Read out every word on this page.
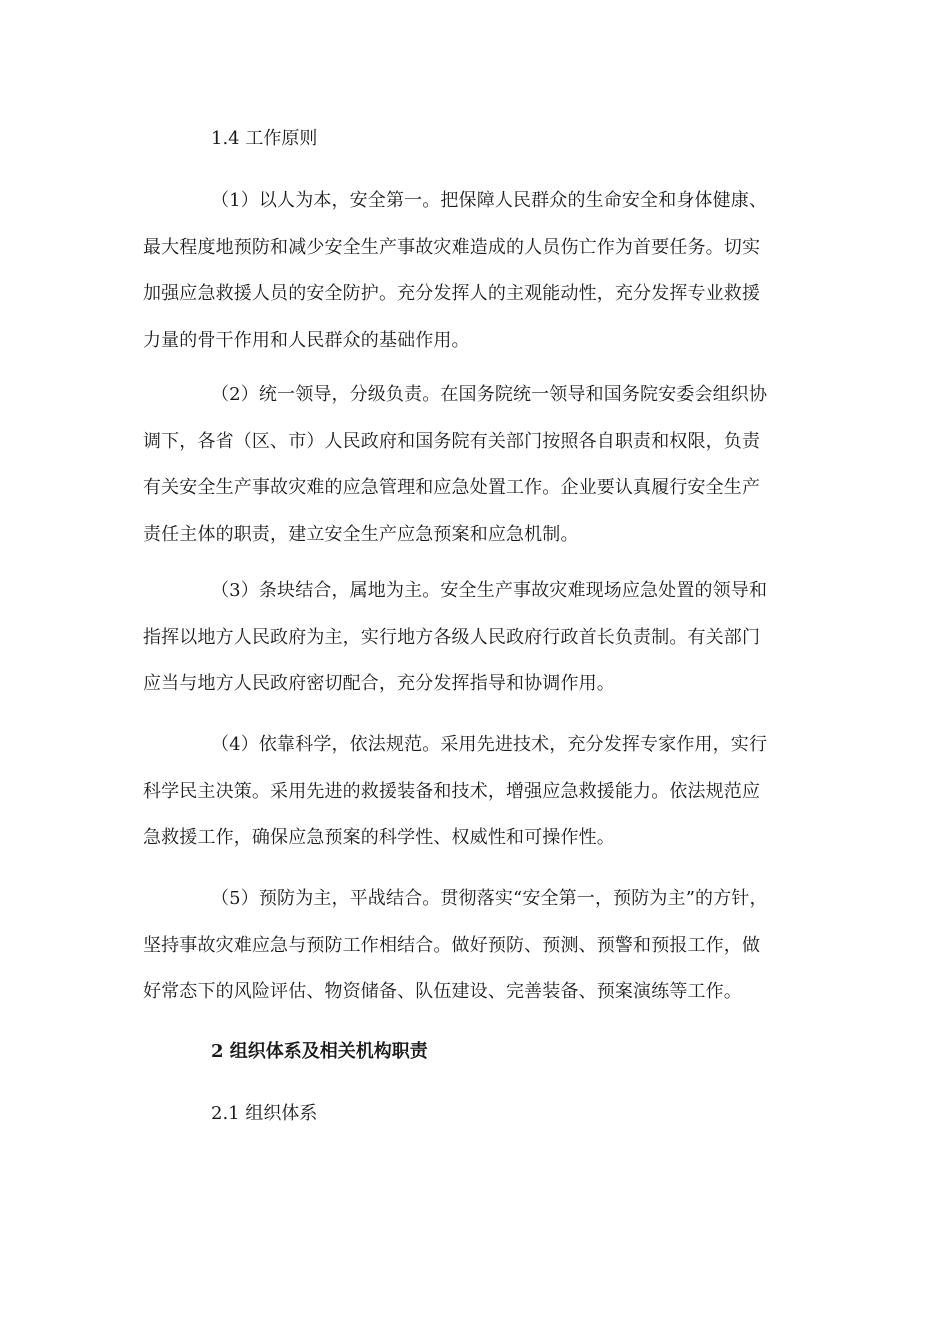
1.4 工作原则

（1）以人为本，安全第一。把保障人民群众的生命安全和身体健康、
最大程度地预防和减少安全生产事故灾难造成的人员伤亡作为首要任务。切实
加强应急救援人员的安全防护。充分发挥人的主观能动性，充分发挥专业救援
力量的骨干作用和人民群众的基础作用。
（2）统一领导，分级负责。在国务院统一领导和国务院安委会组织协
调下，各省（区、市）人民政府和国务院有关部门按照各自职责和权限，负责
有关安全生产事故灾难的应急管理和应急处置工作。企业要认真履行安全生产
责任主体的职责，建立安全生产应急预案和应急机制。
（3）条块结合，属地为主。安全生产事故灾难现场应急处置的领导和
指挥以地方人民政府为主，实行地方各级人民政府行政首长负责制。有关部门
应当与地方人民政府密切配合，充分发挥指导和协调作用。
（4）依靠科学，依法规范。采用先进技术，充分发挥专家作用，实行
科学民主决策。采用先进的救援装备和技术，增强应急救援能力。依法规范应
急救援工作，确保应急预案的科学性、权威性和可操作性。
（5）预防为主，平战结合。贯彻落实“安全第一，预防为主”的方针，
坚持事故灾难应急与预防工作相结合。做好预防、预测、预警和预报工作，做
好常态下的风险评估、物资储备、队伍建设、完善装备、预案演练等工作。

2 组织体系及相关机构职责

2.1 组织体系
